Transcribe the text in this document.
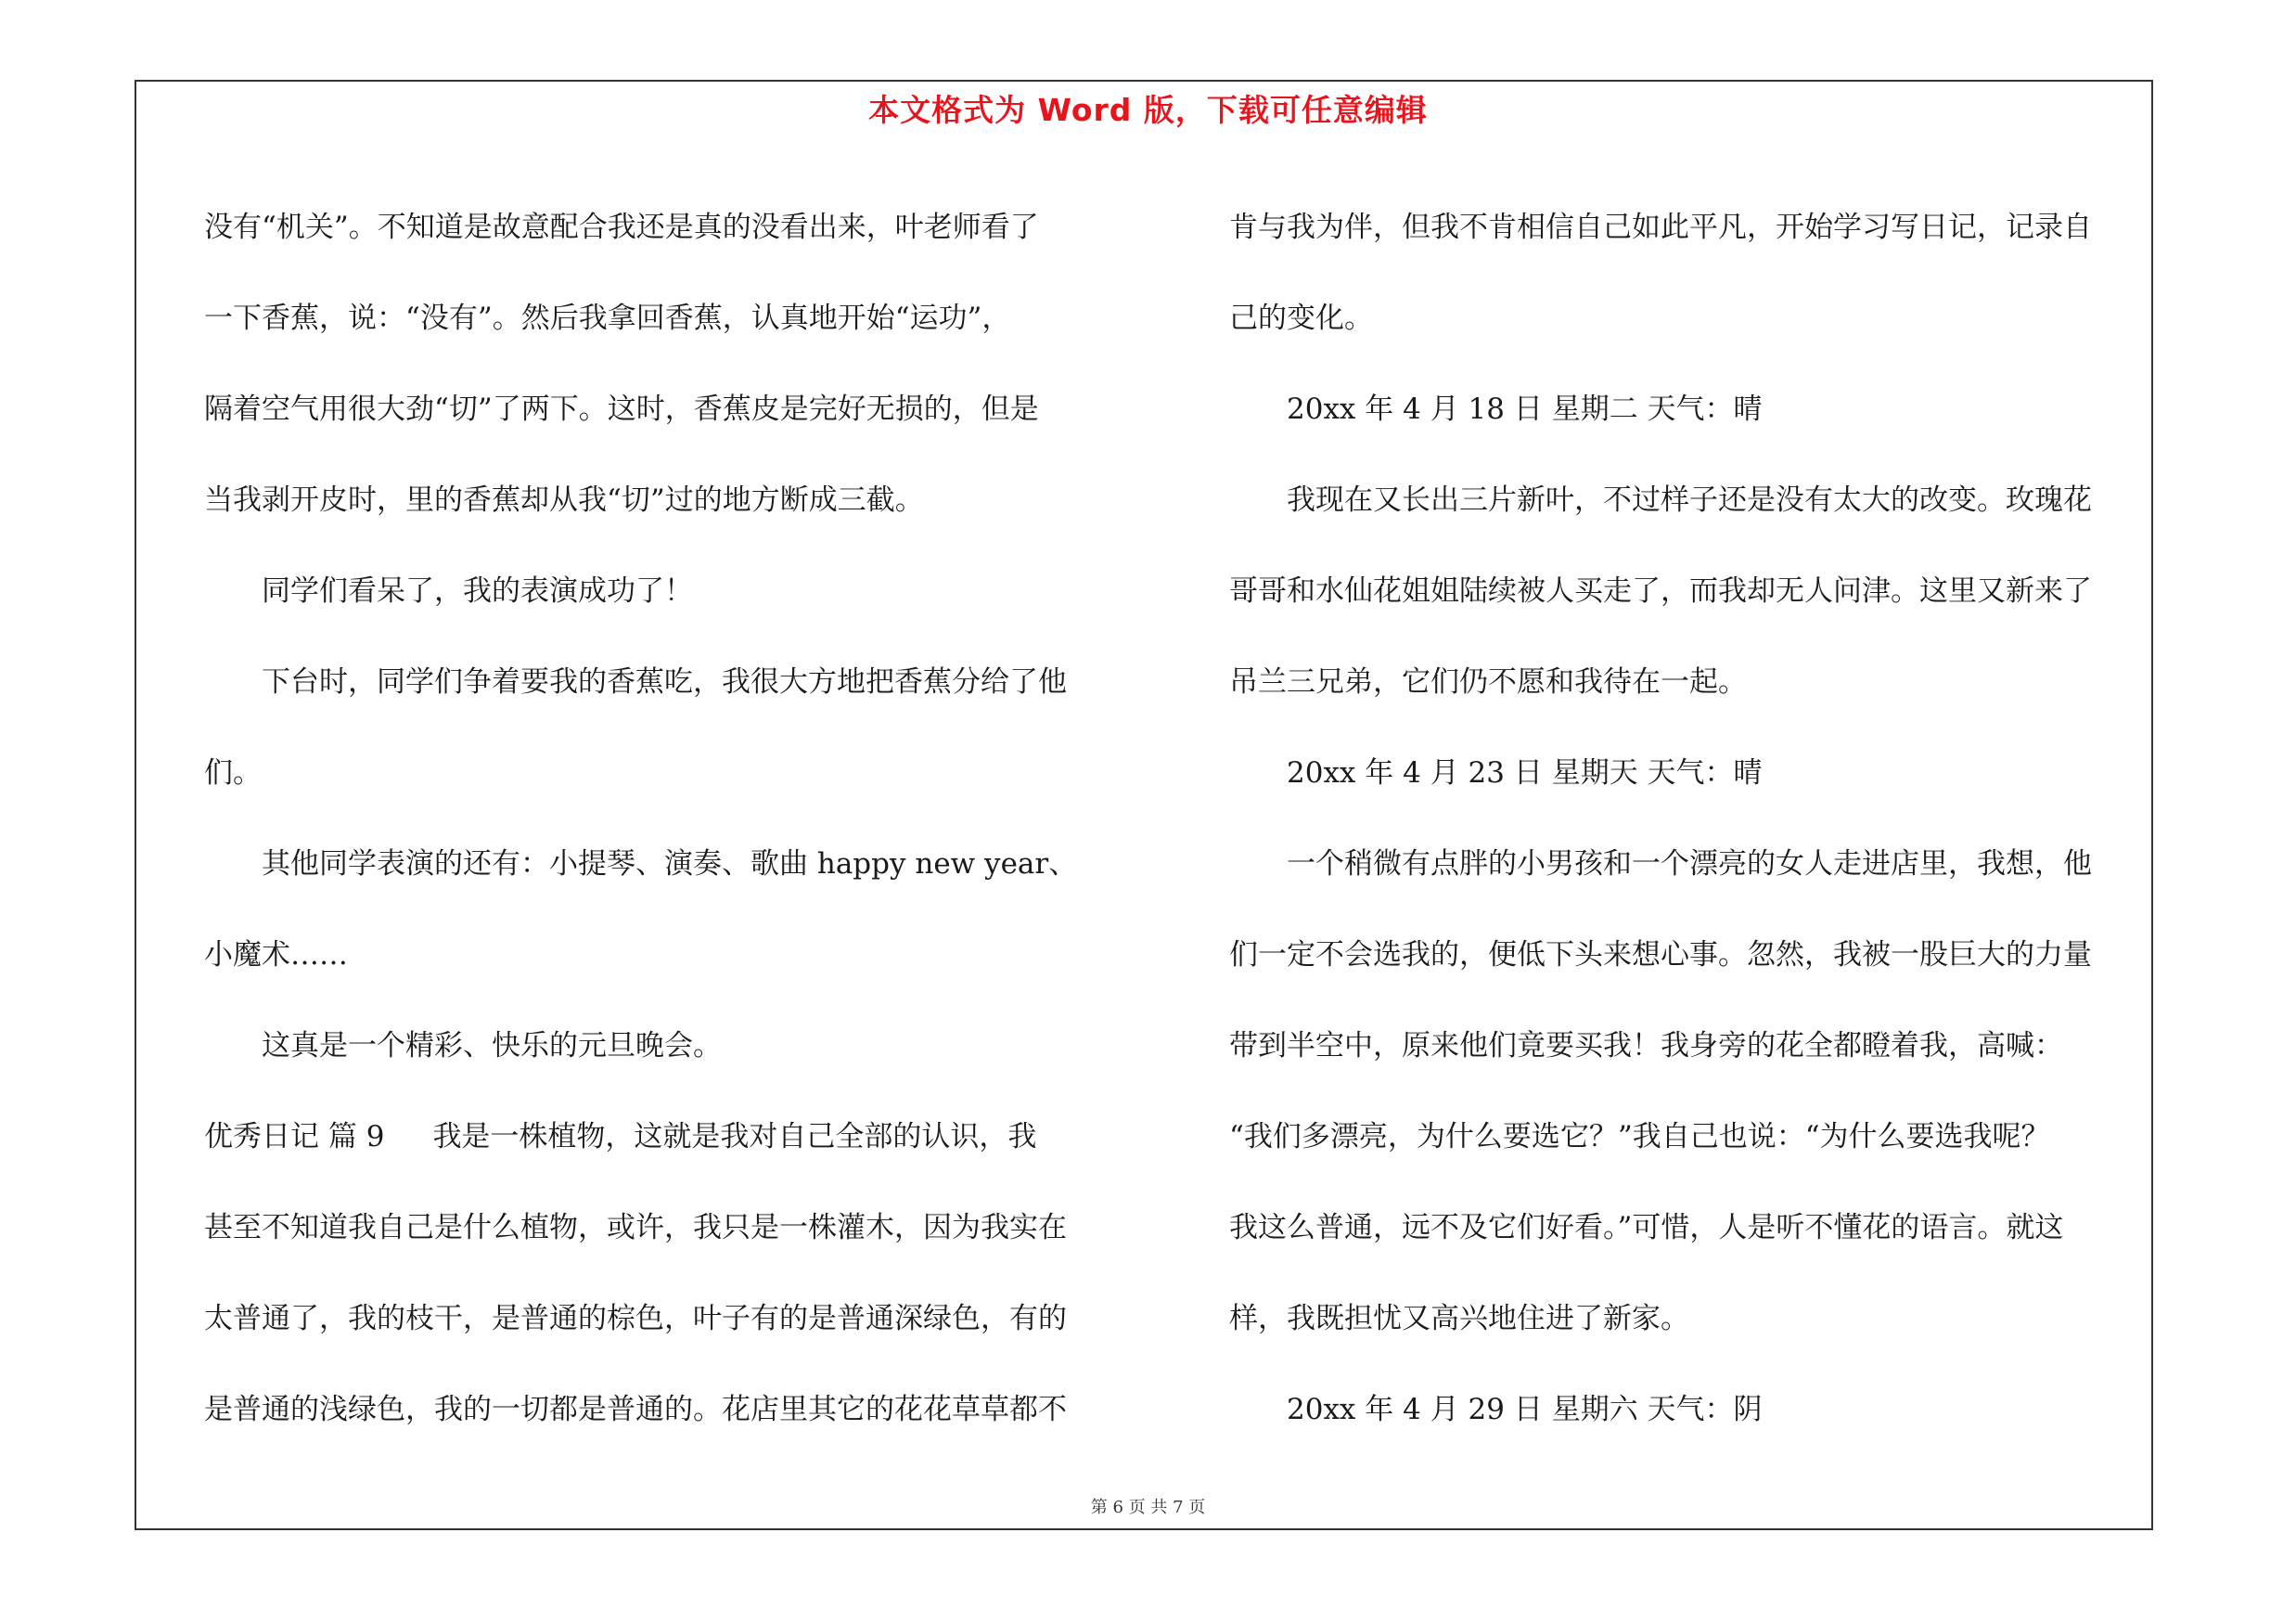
本文格式为 Word 版，下载可任意编辑
没有“机关”。不知道是故意配合我还是真的没看出来，叶老师看了
一下香蕉，说：“没有”。然后我拿回香蕉，认真地开始“运功”，
隔着空气用很大劲“切”了两下。这时，香蕉皮是完好无损的，但是
当我剥开皮时，里的香蕉却从我“切”过的地方断成三截。
同学们看呆了，我的表演成功了！
下台时，同学们争着要我的香蕉吃，我很大方地把香蕉分给了他
们。
其他同学表演的还有：小提琴、演奏、歌曲 happy new year、
小魔术……
这真是一个精彩、快乐的元旦晚会。
优秀日记 篇 9 我是一株植物，这就是我对自己全部的认识，我
甚至不知道我自己是什么植物，或许，我只是一株灌木，因为我实在
太普通了，我的枝干，是普通的棕色，叶子有的是普通深绿色，有的
是普通的浅绿色，我的一切都是普通的。花店里其它的花花草草都不
肯与我为伴，但我不肯相信自己如此平凡，开始学习写日记，记录自
己的变化。
20xx 年 4 月 18 日 星期二 天气：晴
我现在又长出三片新叶，不过样子还是没有太大的改变。玫瑰花
哥哥和水仙花姐姐陆续被人买走了，而我却无人问津。这里又新来了
吊兰三兄弟，它们仍不愿和我待在一起。
20xx 年 4 月 23 日 星期天 天气：晴
一个稍微有点胖的小男孩和一个漂亮的女人走进店里，我想，他
们一定不会选我的，便低下头来想心事。忽然，我被一股巨大的力量
带到半空中，原来他们竟要买我！我身旁的花全都瞪着我，高喊：
“我们多漂亮，为什么要选它？”我自己也说：“为什么要选我呢？
我这么普通，远不及它们好看。”可惜，人是听不懂花的语言。就这
样，我既担忧又高兴地住进了新家。
20xx 年 4 月 29 日 星期六 天气：阴
第 6 页 共 7 页
